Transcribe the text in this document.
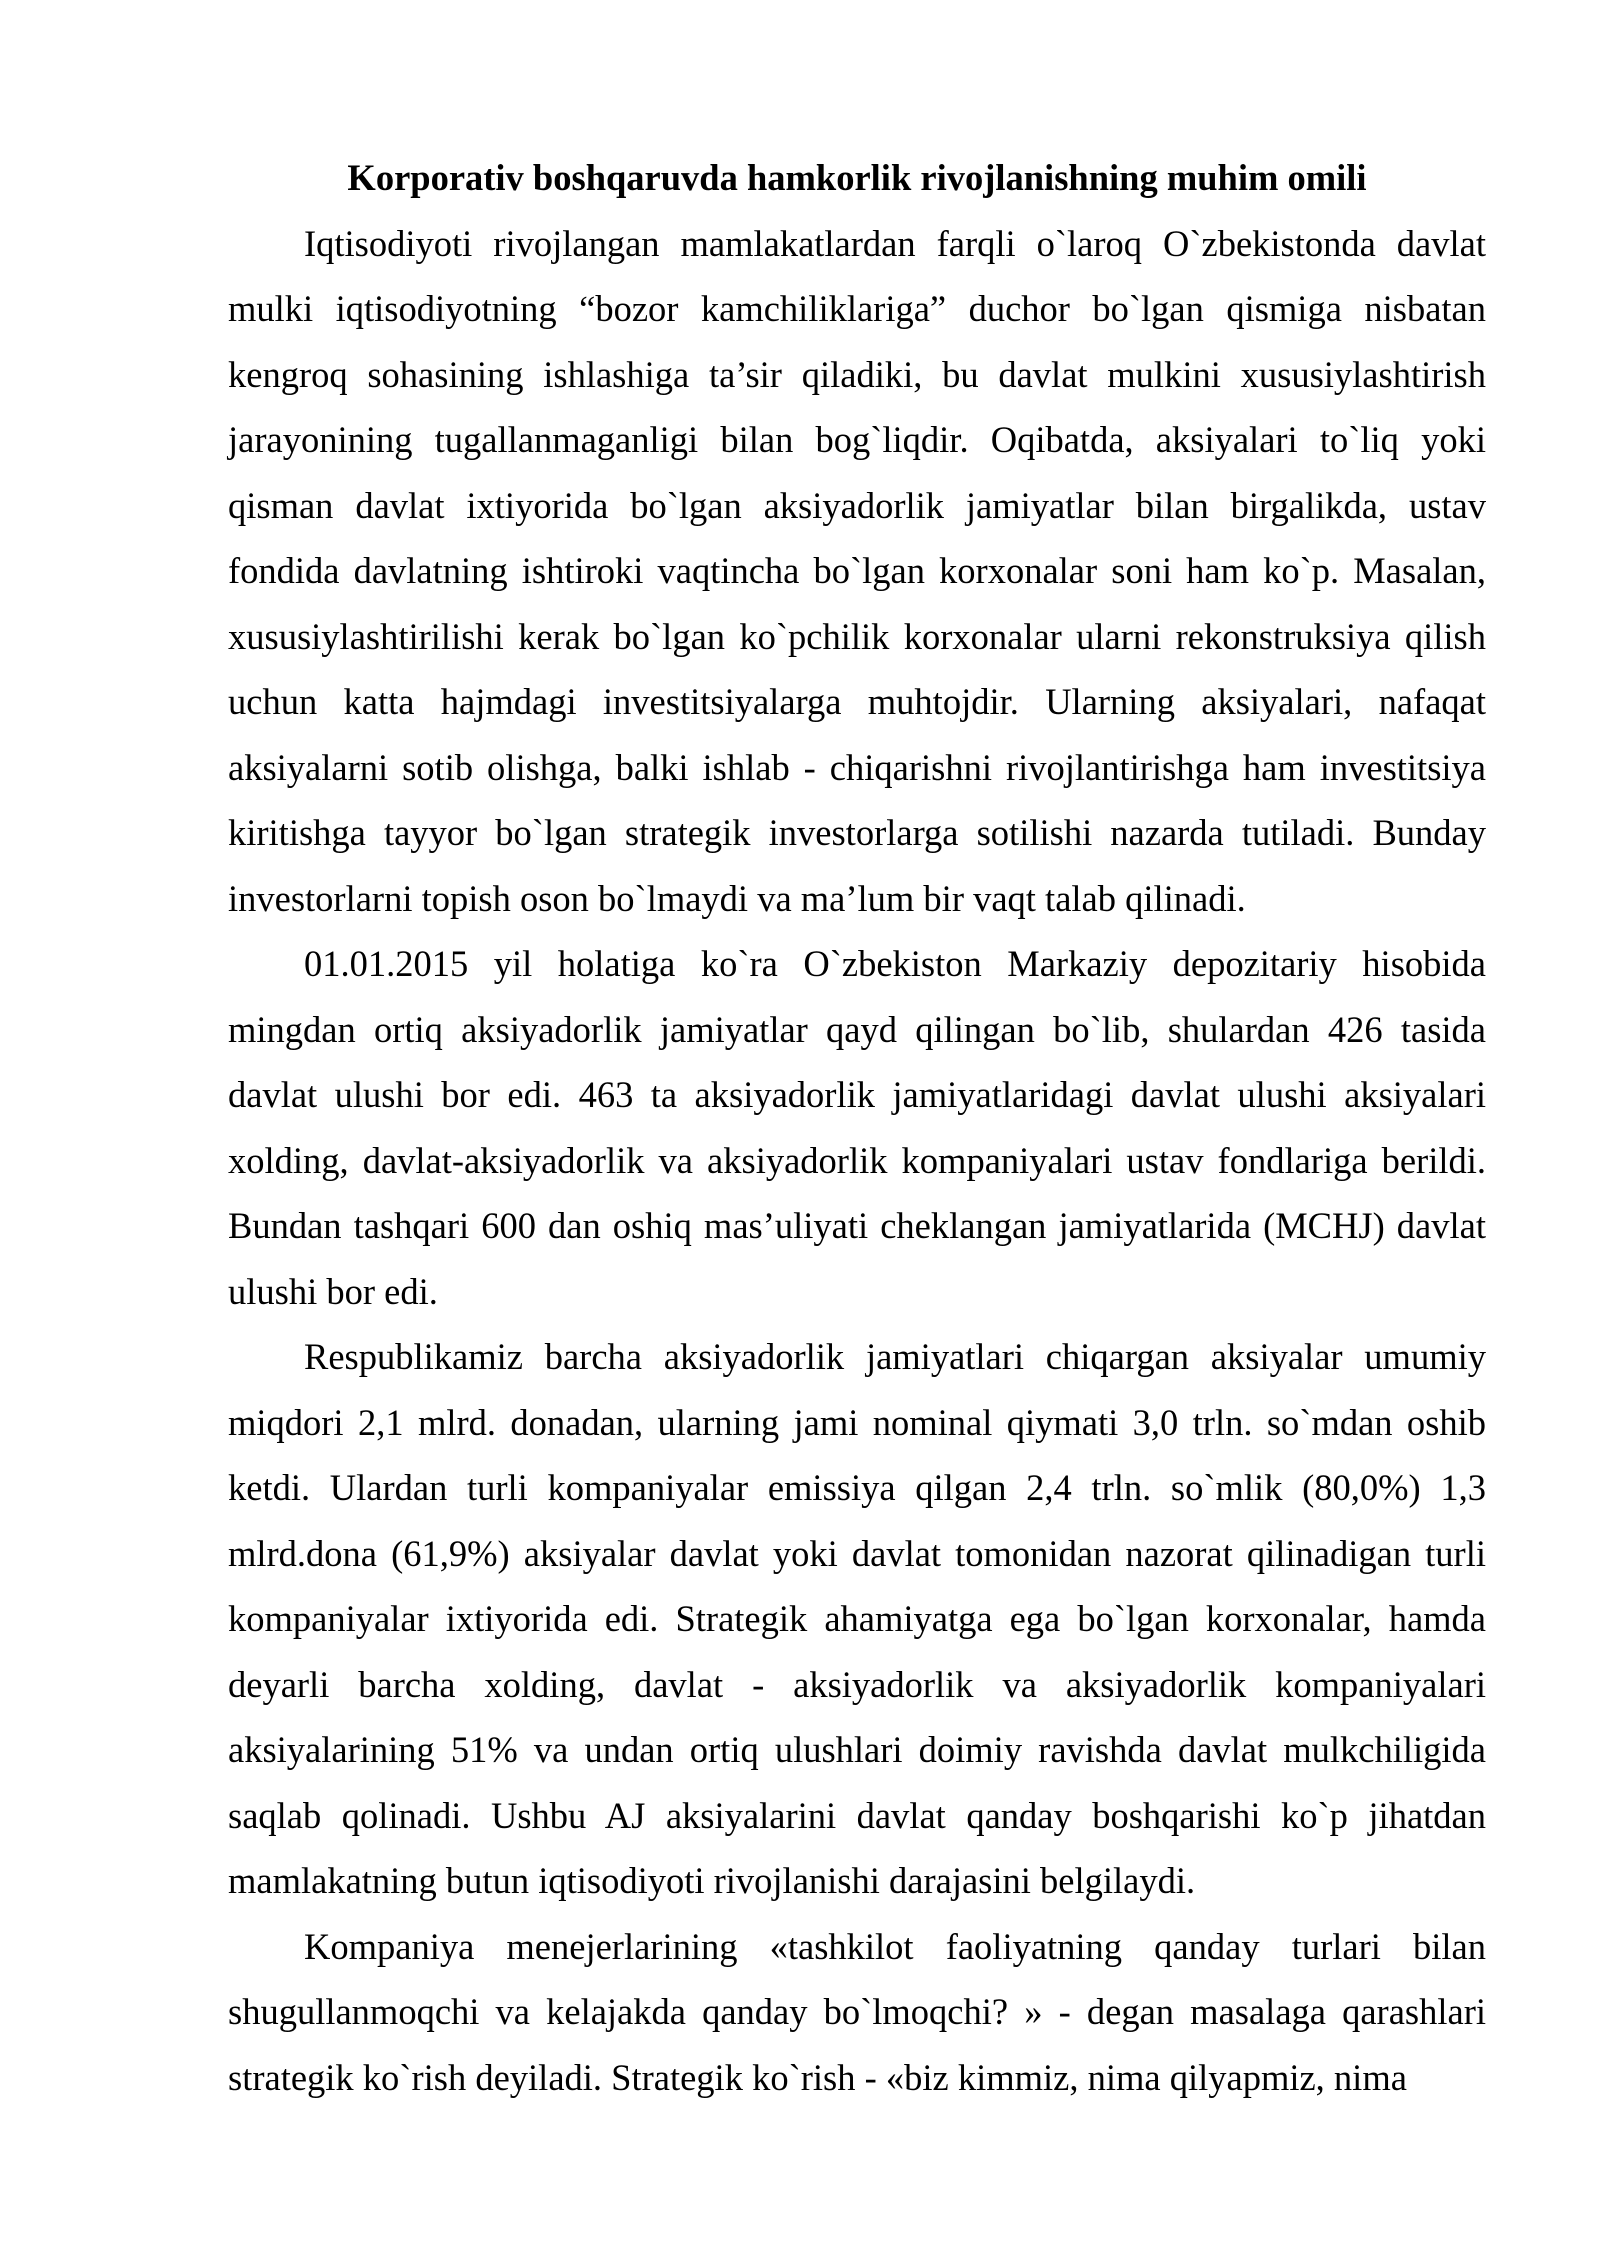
Korporativ boshqaruvda hamkorlik rivojlanishning muhim omili

Iqtisodiyoti rivojlangan mamlakatlardan farqli o`laroq O`zbekistonda davlat mulki iqtisodiyotning “bozor kamchiliklariga” duchor bo`lgan qismiga nisbatan kengroq sohasining ishlashiga ta’sir qiladiki, bu davlat mulkini xususiylashtirish jarayonining tugallanmaganligi bilan bog`liqdir. Oqibatda, aksiyalari to`liq yoki qisman davlat ixtiyorida bo`lgan aksiyadorlik jamiyatlar bilan birgalikda, ustav fondida davlatning ishtiroki vaqtincha bo`lgan korxonalar soni ham ko`p. Masalan, xususiylashtirilishi kerak bo`lgan ko`pchilik korxonalar ularni rekonstruksiya qilish uchun katta hajmdagi investitsiyalarga muhtojdir. Ularning aksiyalari, nafaqat aksiyalarni sotib olishga, balki ishlab - chiqarishni rivojlantirishga ham investitsiya kiritishga tayyor bo`lgan strategik investorlarga sotilishi nazarda tutiladi. Bunday investorlarni topish oson bo`lmaydi va ma’lum bir vaqt talab qilinadi.

01.01.2015 yil holatiga ko`ra O`zbekiston Markaziy depozitariy hisobida mingdan ortiq aksiyadorlik jamiyatlar qayd qilingan bo`lib, shulardan 426 tasida davlat ulushi bor edi. 463 ta aksiyadorlik jamiyatlaridagi davlat ulushi aksiyalari xolding, davlat-aksiyadorlik va aksiyadorlik kompaniyalari ustav fondlariga berildi. Bundan tashqari 600 dan oshiq mas’uliyati cheklangan jamiyatlarida (MCHJ) davlat ulushi bor edi.

Respublikamiz barcha aksiyadorlik jamiyatlari chiqargan aksiyalar umumiy miqdori 2,1 mlrd. donadan, ularning jami nominal qiymati 3,0 trln. so`mdan oshib ketdi. Ulardan turli kompaniyalar emissiya qilgan 2,4 trln. so`mlik (80,0%) 1,3 mlrd.dona (61,9%) aksiyalar davlat yoki davlat tomonidan nazorat qilinadigan turli kompaniyalar ixtiyorida edi. Strategik ahamiyatga ega bo`lgan korxonalar, hamda deyarli barcha xolding, davlat - aksiyadorlik va aksiyadorlik kompaniyalari aksiyalarining 51% va undan ortiq ulushlari doimiy ravishda davlat mulkchiligida saqlab qolinadi. Ushbu AJ aksiyalarini davlat qanday boshqarishi ko`p jihatdan mamlakatning butun iqtisodiyoti rivojlanishi darajasini belgilaydi.

Kompaniya menejerlarining «tashkilot faoliyatning qanday turlari bilan shugullanmoqchi va kelajakda qanday bo`lmoqchi? » - degan masalaga qarashlari strategik ko`rish deyiladi. Strategik ko`rish - «biz kimmiz, nima qilyapmiz, nima
